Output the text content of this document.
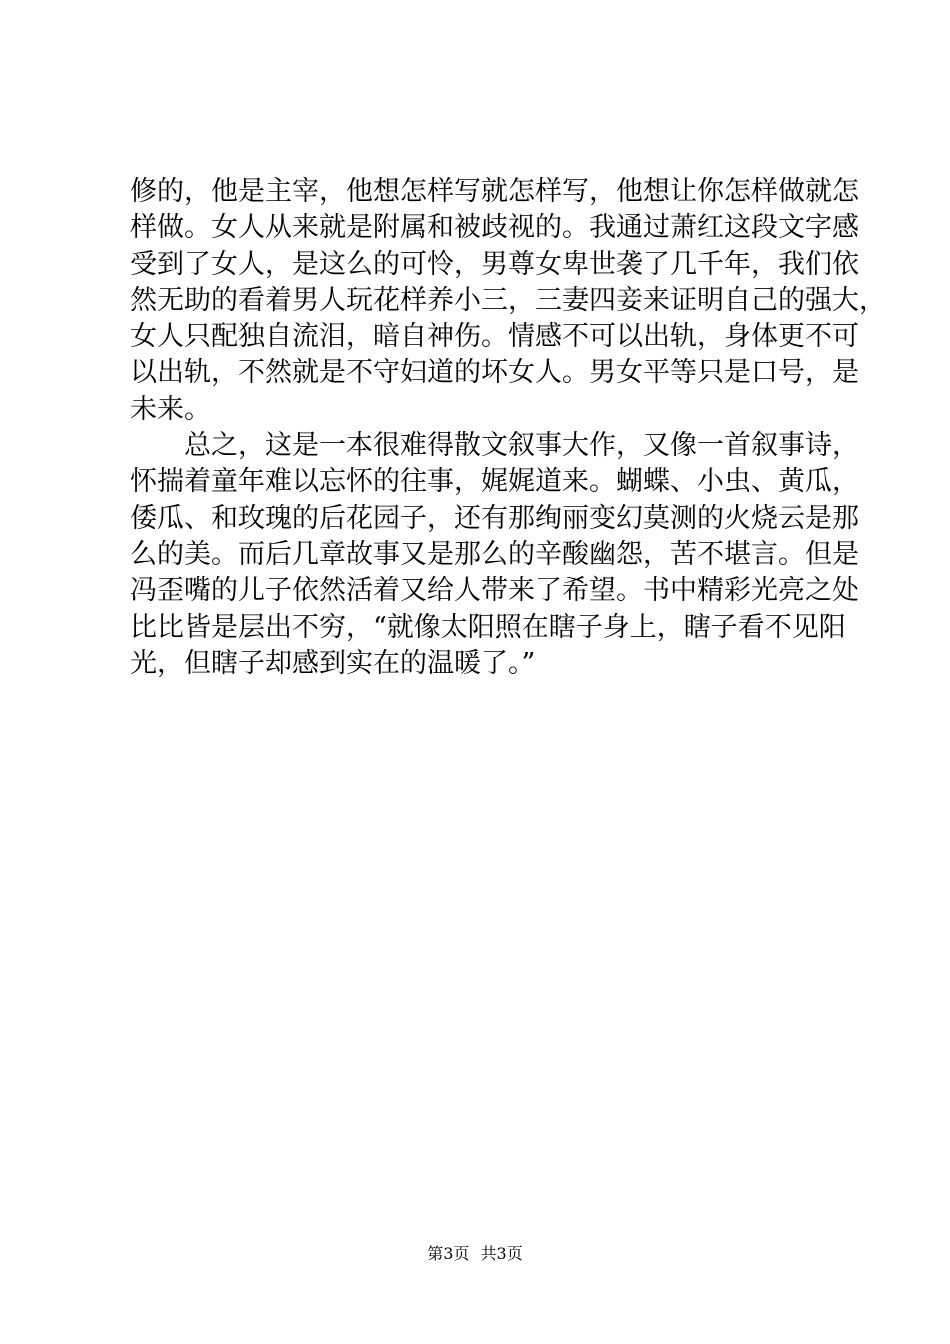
修的，他是主宰，他想怎样写就怎样写，他想让你怎样做就怎
样做。女人从来就是附属和被歧视的。我通过萧红这段文字感
受到了女人，是这么的可怜，男尊女卑世袭了几千年，我们依
然无助的看着男人玩花样养小三，三妻四妾来证明自己的强大，
女人只配独自流泪，暗自神伤。情感不可以出轨，身体更不可
以出轨，不然就是不守妇道的坏女人。男女平等只是口号，是
未来。
　　总之，这是一本很难得散文叙事大作，又像一首叙事诗，
怀揣着童年难以忘怀的往事，娓娓道来。蝴蝶、小虫、黄瓜，
倭瓜、和玫瑰的后花园子，还有那绚丽变幻莫测的火烧云是那
么的美。而后几章故事又是那么的辛酸幽怨，苦不堪言。但是
冯歪嘴的儿子依然活着又给人带来了希望。书中精彩光亮之处
比比皆是层出不穷，“就像太阳照在瞎子身上，瞎子看不见阳
光，但瞎子却感到实在的温暖了。”
第3页 共3页
